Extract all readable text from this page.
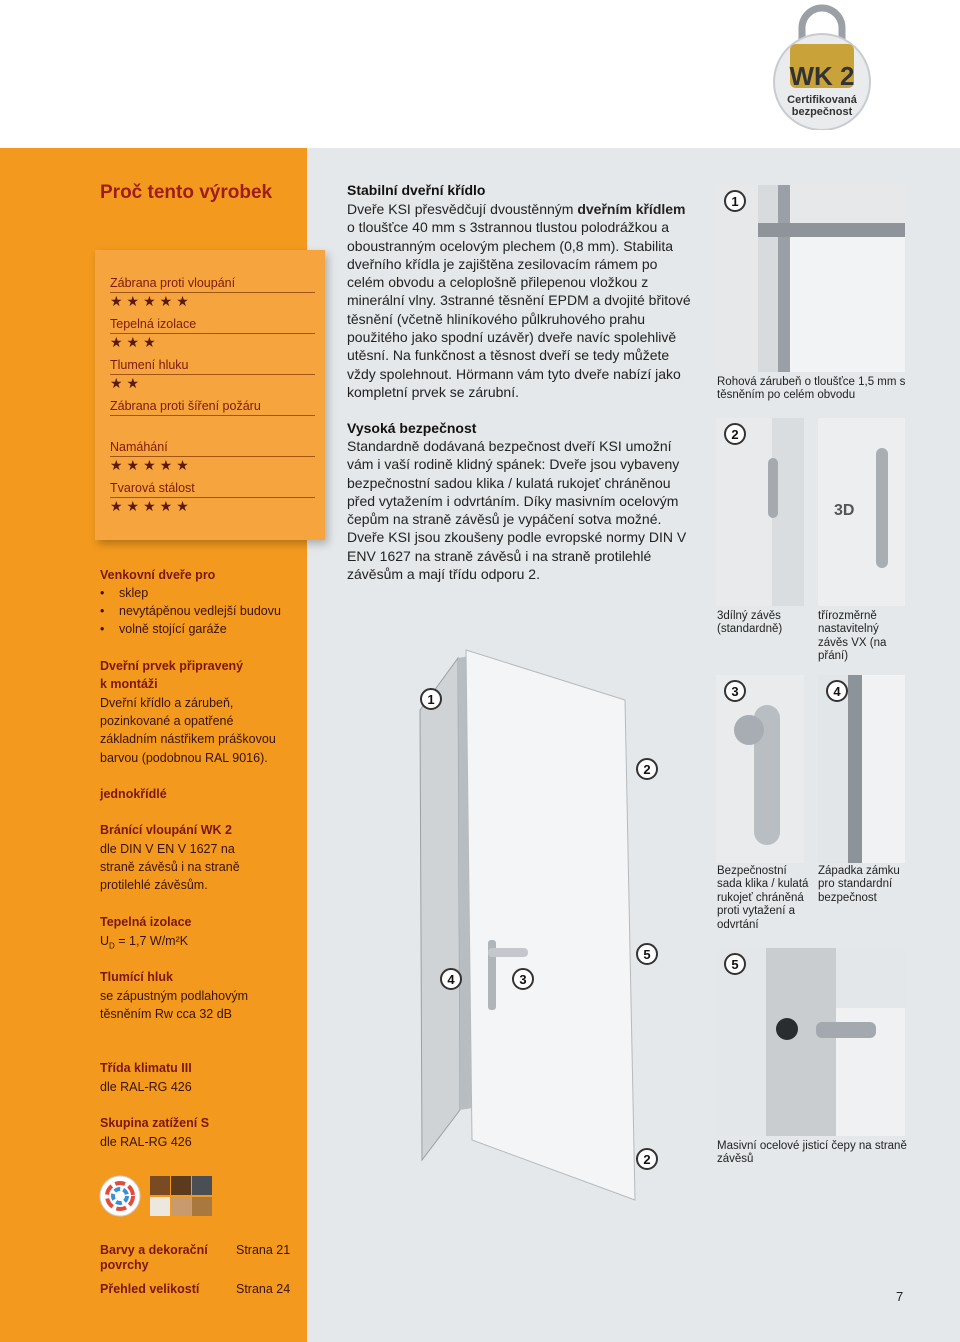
WK 2
Certifikovaná
bezpečnost
Proč tento výrobek
Zábrana proti vloupání
★★★★★
Tepelná izolace
★★★
Tlumení hluku
★★
Zábrana proti šíření požáru
Namáhání
★★★★★
Tvarová stálost
★★★★★
Venkovní dveře pro
sklep
nevytápěnou vedlejší budovu
volně stojící garáže
Dveřní prvek připravený
k montáži
Dveřní křídlo a zárubeň, pozinkované a opatřené základním nástřikem práškovou barvou (podobnou RAL 9016).
jednokřídlé
Bránící vloupání WK 2
dle DIN V EN V 1627 na straně závěsů i na straně protilehlé závěsům.
Tepelná izolace
$U_D = 1,7$ W/m²K
Tlumící hluk
se zápustným podlahovým těsněním Rw cca 32 dB
Třída klimatu III
dle RAL-RG 426
Skupina zatížení S
dle RAL-RG 426
Barvy a dekorační povrchy
Strana 21
Přehled velikostí	Strana 24
Stabilní dveřní křídlo
Dveře KSI přesvědčují dvoustěnným dveřním křídlem o tloušťce 40 mm s 3strannou tlustou polodrážkou a oboustranným ocelovým plechem (0,8 mm). Stabilita dveřního křídla je zajištěna zesilovacím rámem po celém obvodu a celoplošně přilepenou vložkou z minerální vlny. 3stranné těsnění EPDM a dvojité břitové těsnění (včetně hliníkového půlkruhového prahu použitého jako spodní uzávěr) dveře navíc spolehlivě utěsní. Na funkčnost a těsnost dveří se tedy můžete vždy spolehnout. Hörmann vám tyto dveře nabízí jako kompletní prvek se zárubní.
Vysoká bezpečnost
Standardně dodávaná bezpečnost dveří KSI umožní vám i vaší rodině klidný spánek: Dveře jsou vybaveny bezpečnostní sadou klika / kulatá rukojeť chráněnou před vytažením i odvrtáním. Díky masivním ocelovým čepům na straně závěsů je vypáčení sotva možné. Dveře KSI jsou zkoušeny podle evropské normy DIN V ENV 1627 na straně závěsů i na straně protilehlé závěsům a mají třídu odporu 2.
1
2
4	3
5
2
1
Rohová zárubeň o tloušťce 1,5 mm s těsněním po celém obvodu
3D
2
3dílný závěs (standardně)
třírozměrně nastavitelný závěs VX (na přání)
3
Bezpečnostní sada klika / kulatá rukojeť chráněná proti vytažení a odvrtání
4
Západka zámku pro standardní bezpečnost
5
Masivní ocelové jisticí čepy na straně závěsů
7
